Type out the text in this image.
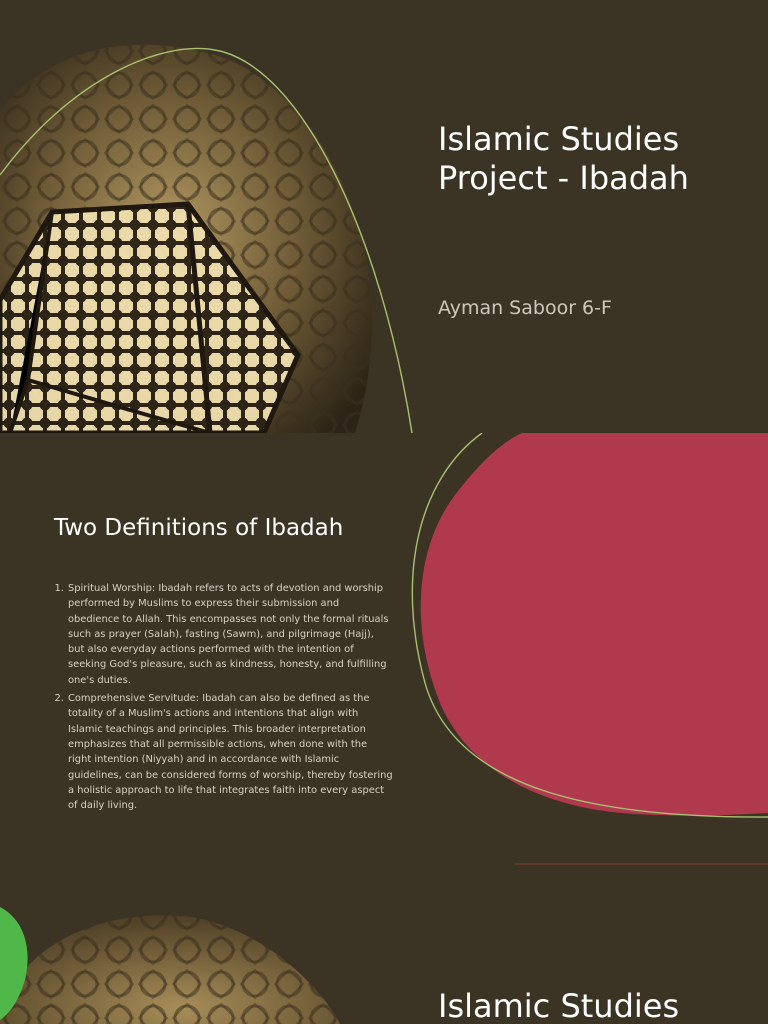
Islamic Studies Project - Ibadah

Ayman Saboor 6-F

Two Definitions of Ibadah
1. Spiritual Worship: Ibadah refers to acts of devotion and worship performed by Muslims to express their submission and obedience to Allah. This encompasses not only the formal rituals such as prayer (Salah), fasting (Sawm), and pilgrimage (Hajj), but also everyday actions performed with the intention of seeking God's pleasure, such as kindness, honesty, and fulfilling one's duties.
2. Comprehensive Servitude: Ibadah can also be defined as the totality of a Muslim's actions and intentions that align with Islamic teachings and principles. This broader interpretation emphasizes that all permissible actions, when done with the right intention (Niyyah) and in accordance with Islamic guidelines, can be considered forms of worship, thereby fostering a holistic approach to life that integrates faith into every aspect of daily living.
Islamic Studies
